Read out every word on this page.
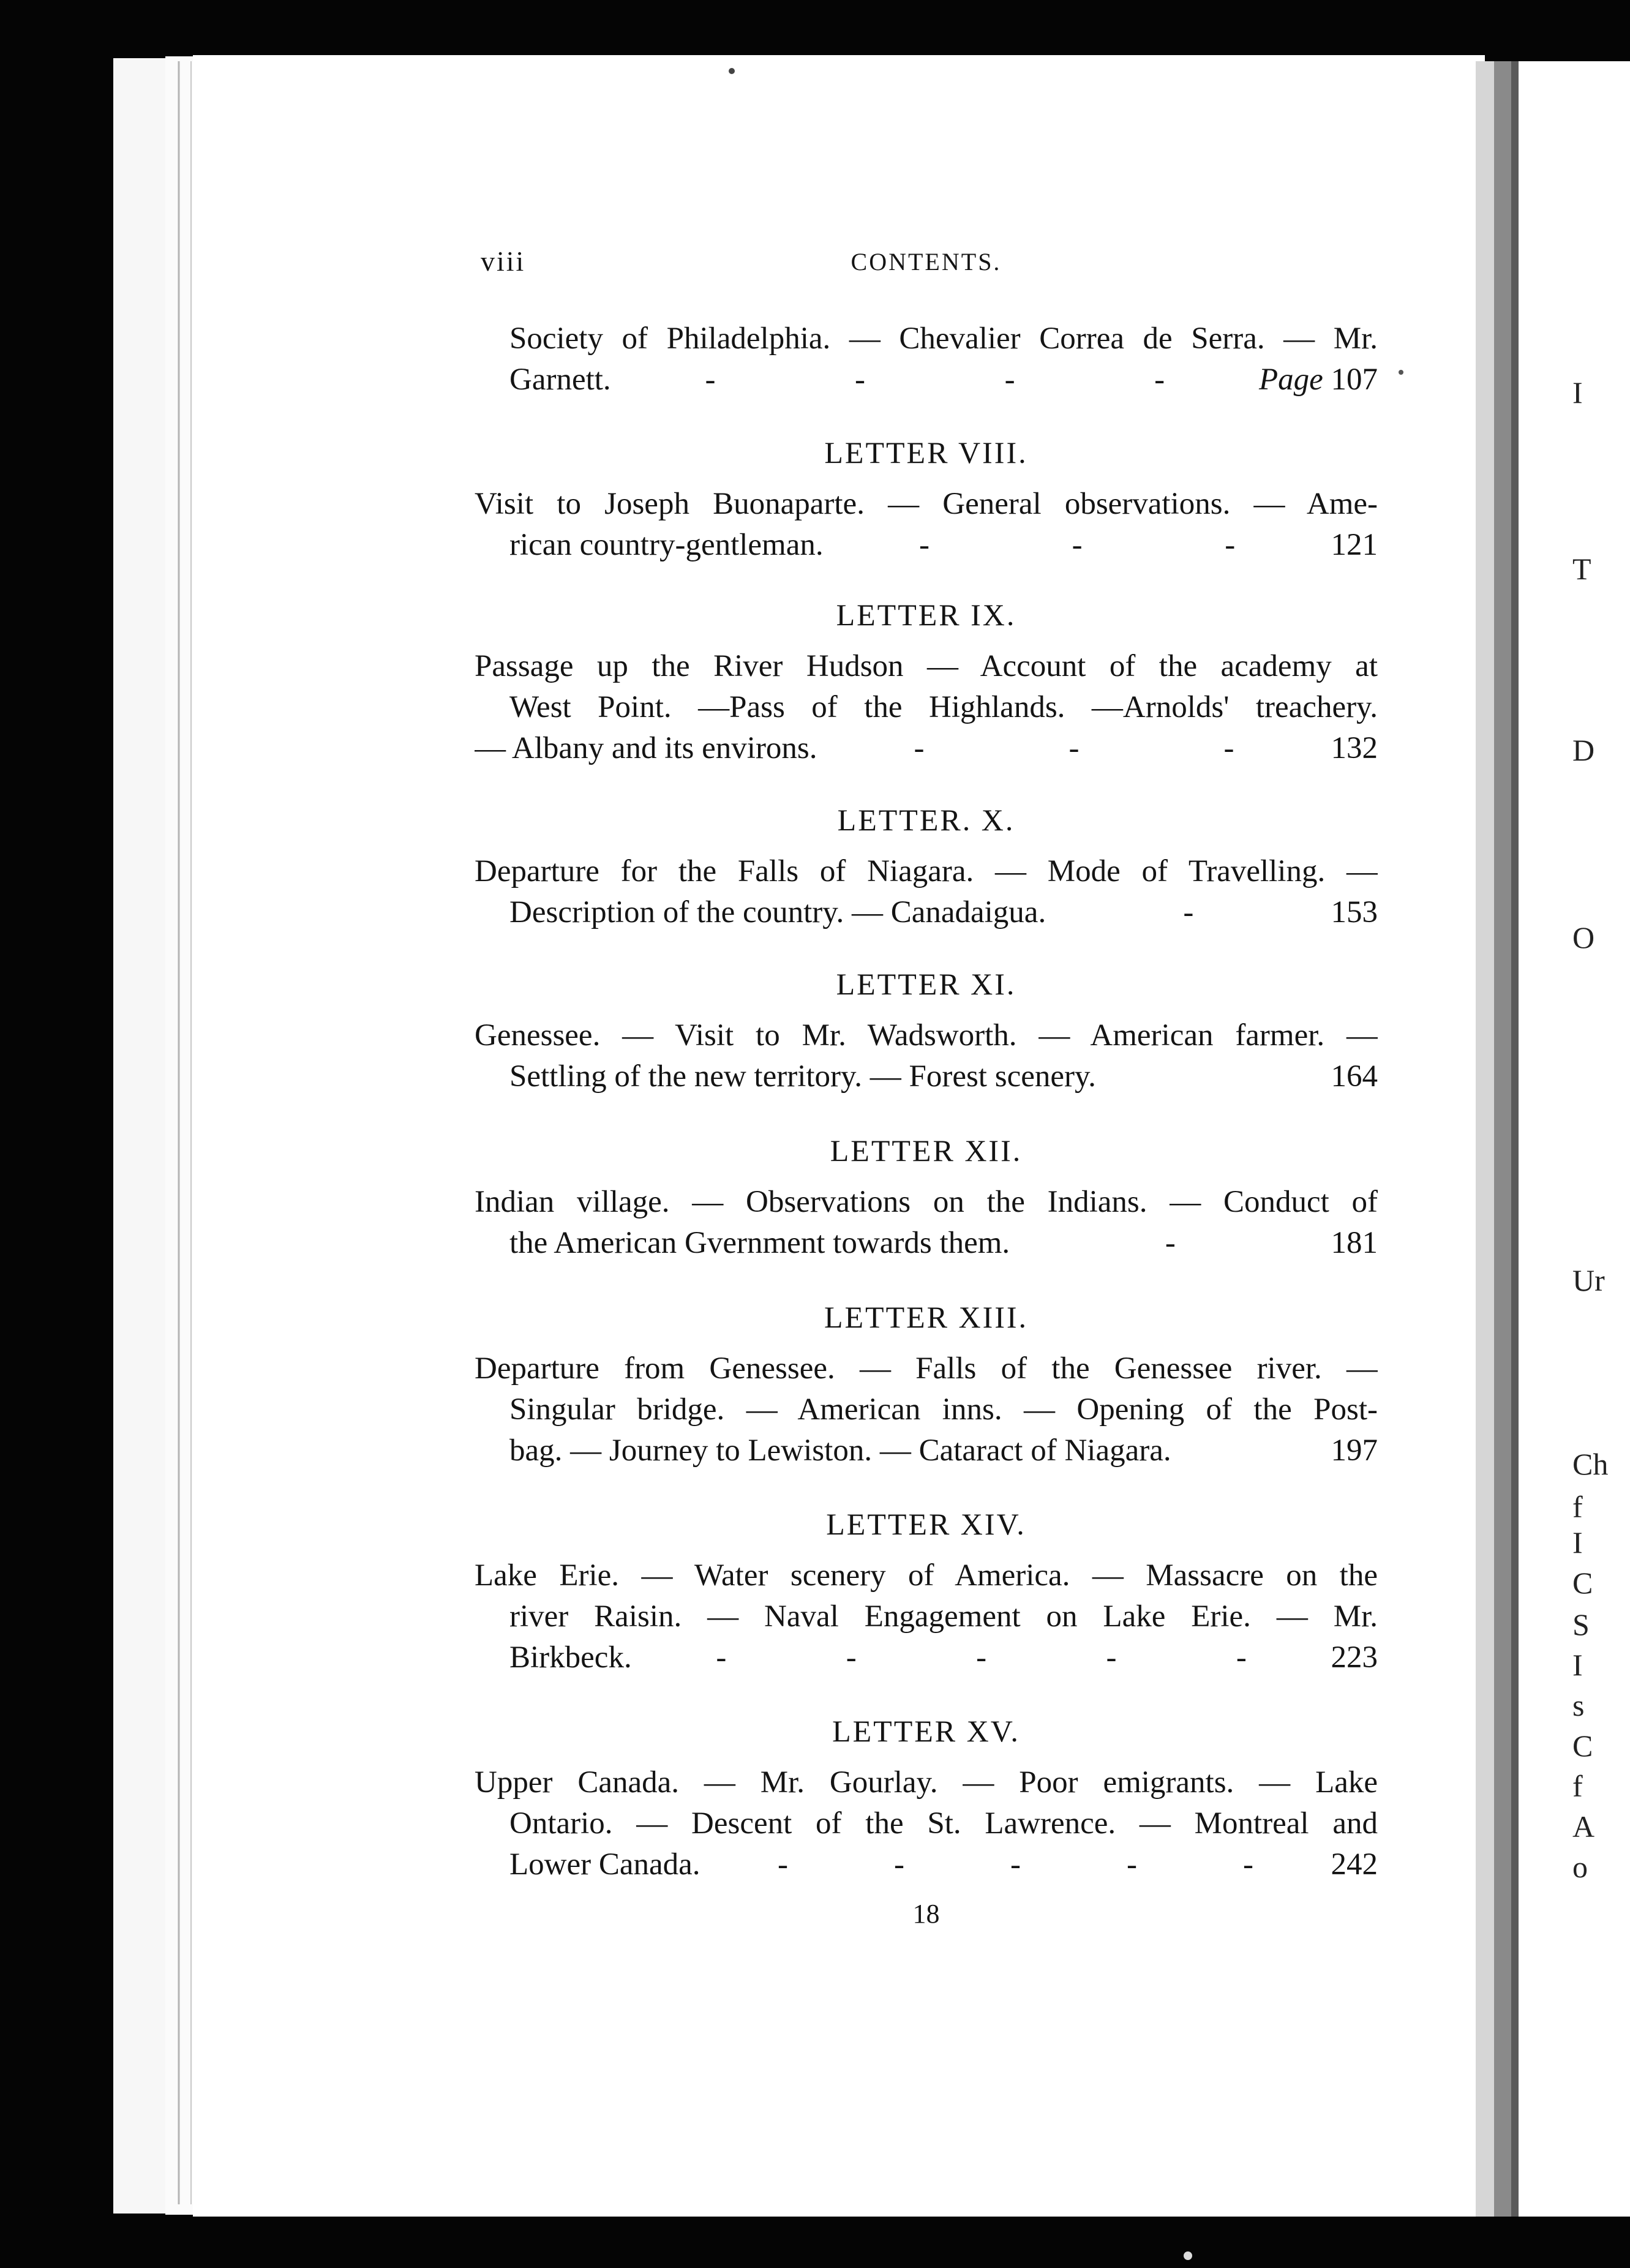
I
T
D
O
Ur
Ch
f
I
C
S
I
s
C
f
A
o
viii	CONTENTS.
Society of Philadelphia. — Chevalier Correa de Serra. — Mr.
Garnett.	-	-	-	-	Page 107
LETTER VIII.
Visit to Joseph Buonaparte. — General observations. — Ame-
rican country-gentleman.	-	-	-	121
LETTER IX.
Passage up the River Hudson — Account of the academy at
West Point. —Pass of the Highlands. —Arnolds' treachery.
— Albany and its environs.	-	-	-	132
LETTER. X.
Departure for the Falls of Niagara. — Mode of Travelling. —
Description of the country. — Canadaigua.	-	153
LETTER XI.
Genessee. — Visit to Mr. Wadsworth. — American farmer. —
Settling of the new territory. — Forest scenery.	164
LETTER XII.
Indian village. — Observations on the Indians. — Conduct of
the American Gvernment towards them.	-	181
LETTER XIII.
Departure from Genessee. — Falls of the Genessee river. —
Singular bridge. — American inns. — Opening of the Post-
bag. — Journey to Lewiston. — Cataract of Niagara.	197
LETTER XIV.
Lake Erie. — Water scenery of America. — Massacre on the
river Raisin. — Naval Engagement on Lake Erie. — Mr.
Birkbeck.	-	-	-	-	-	223
LETTER XV.
Upper Canada. — Mr. Gourlay. — Poor emigrants. — Lake
Ontario. — Descent of the St. Lawrence. — Montreal and
Lower Canada. -	-	-	-	- 242
18
